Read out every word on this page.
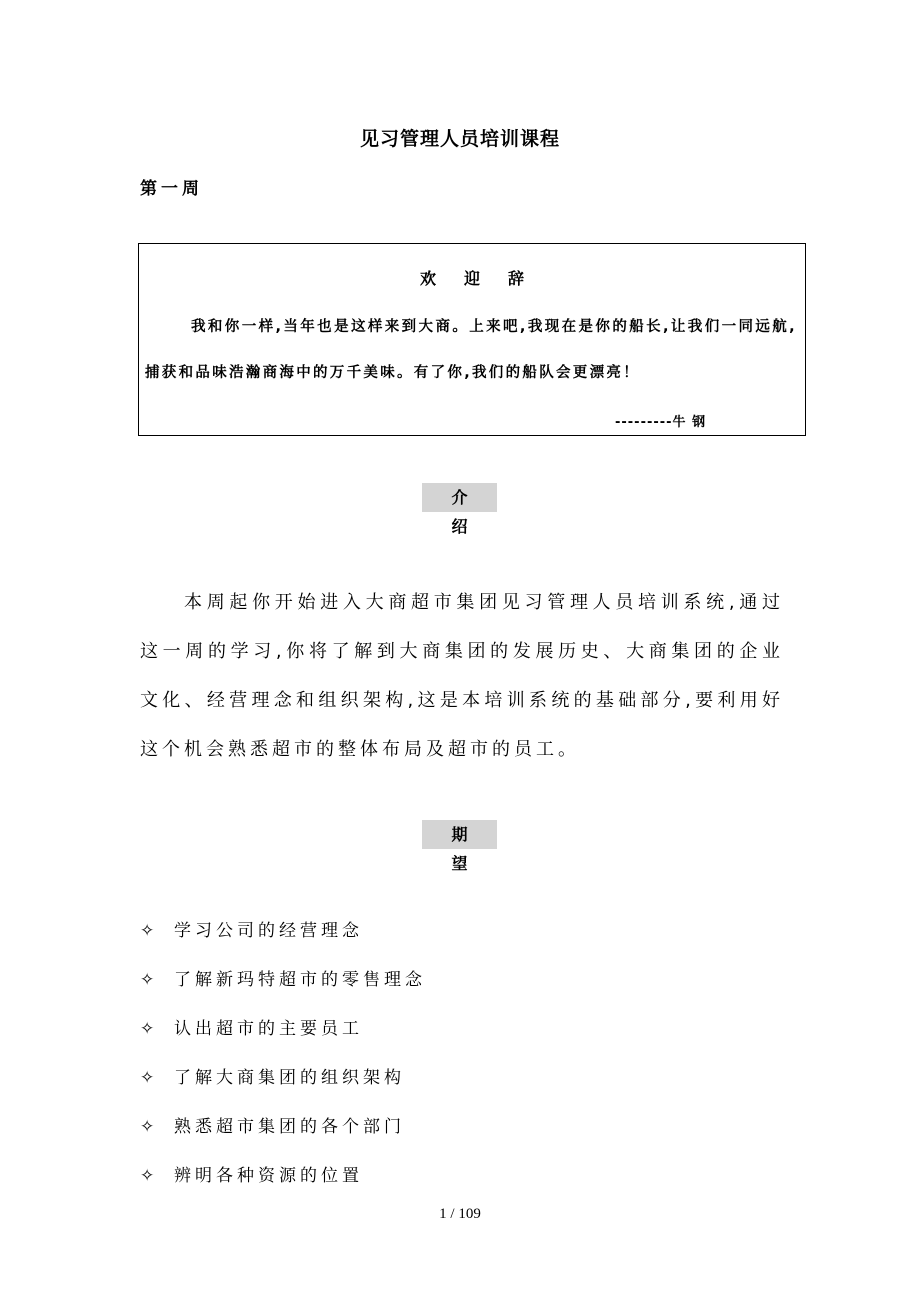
见习管理人员培训课程
第一周
欢迎辞
我和你一样,当年也是这样来到大商。上来吧,我现在是你的船长,让我们一同远航,捕获和品味浩瀚商海中的万千美味。有了你,我们的船队会更漂亮！
---------牛 钢
介绍
本周起你开始进入大商超市集团见习管理人员培训系统,通过这一周的学习,你将了解到大商集团的发展历史、大商集团的企业文化、经营理念和组织架构,这是本培训系统的基础部分,要利用好这个机会熟悉超市的整体布局及超市的员工。
期望
✧ 学习公司的经营理念
✧ 了解新玛特超市的零售理念
✧ 认出超市的主要员工
✧ 了解大商集团的组织架构
✧ 熟悉超市集团的各个部门
✧ 辨明各种资源的位置
1 / 109
